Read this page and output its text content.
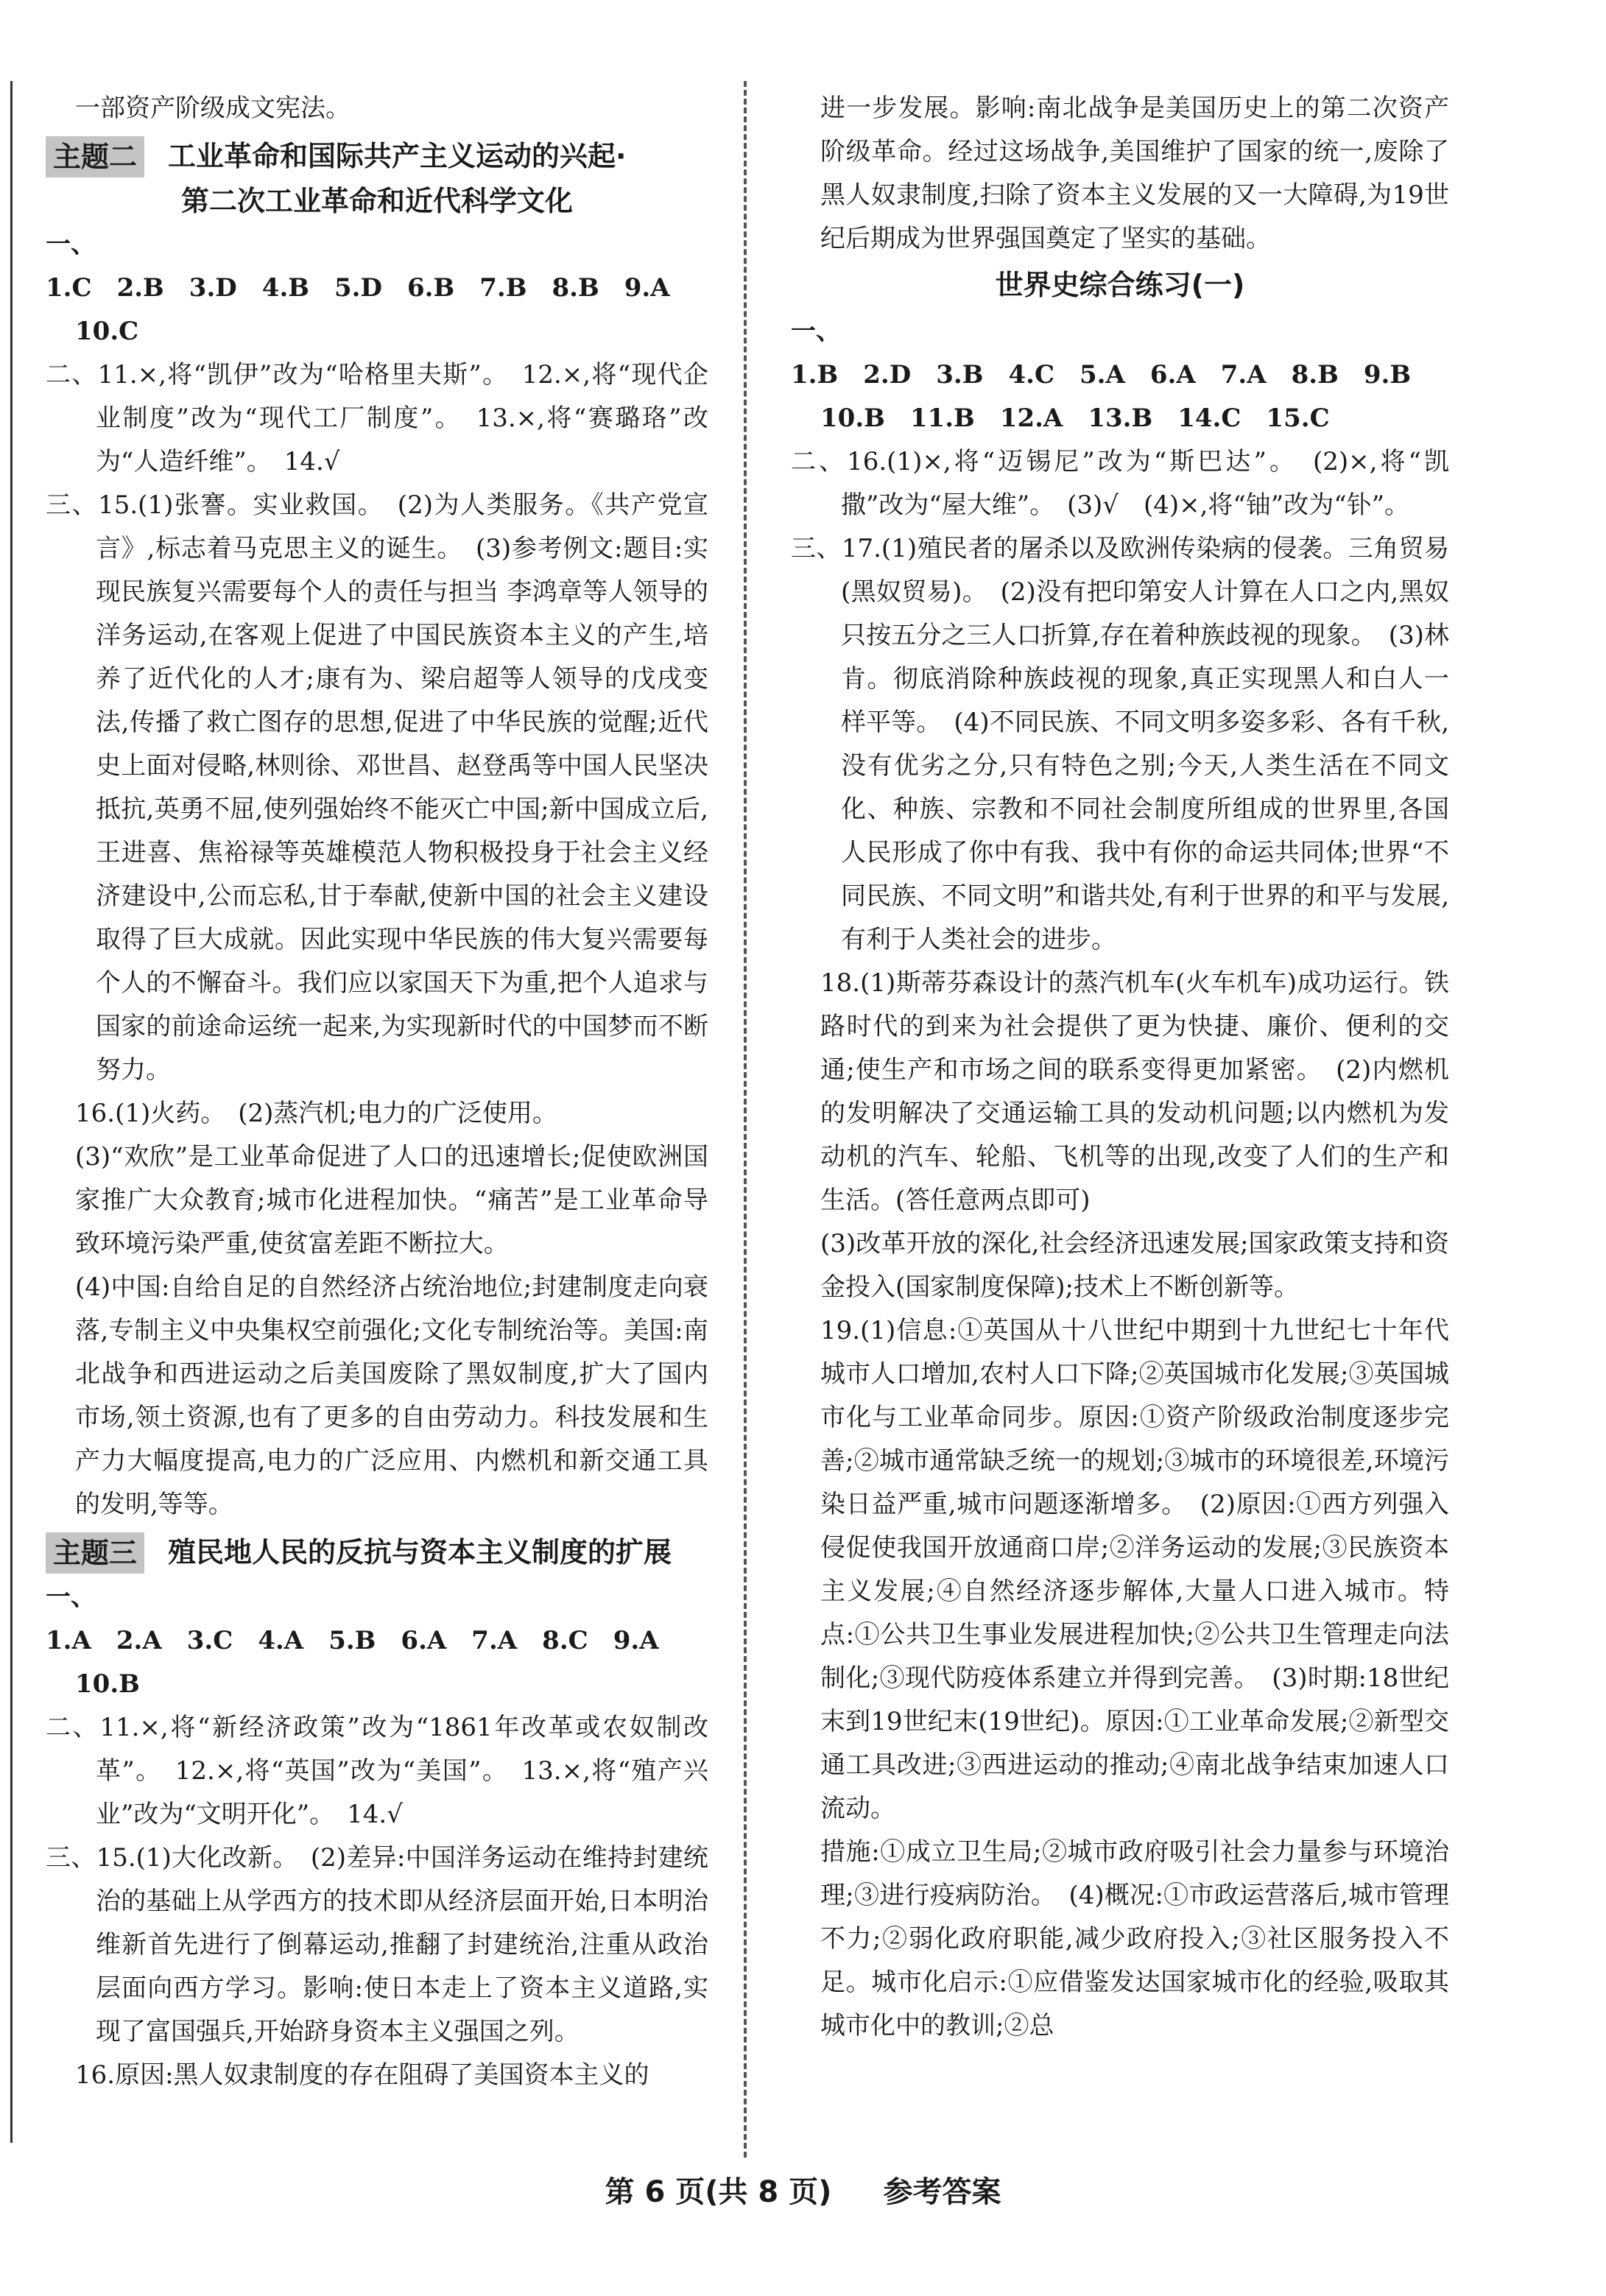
一部资产阶级成文宪法。

主题二 工业革命和国际共产主义运动的兴起·

第二次工业革命和近代科学文化

一、1.C 2.B 3.D 4.B 5.D 6.B 7.B 8.B 9.A

10.C

二、11.×,将“凯伊”改为“哈格里夫斯”。　12.×,将“现代企业制度”改为“现代工厂制度”。　13.×,将“赛璐珞”改为“人造纤维”。　14.√

三、15.(1)张謇。实业救国。　(2)为人类服务。《共产党宣言》,标志着马克思主义的诞生。　(3)参考例文:题目:实现民族复兴需要每个人的责任与担当 李鸿章等人领导的洋务运动,在客观上促进了中国民族资本主义的产生,培养了近代化的人才;康有为、梁启超等人领导的戊戌变法,传播了救亡图存的思想,促进了中华民族的觉醒;近代史上面对侵略,林则徐、邓世昌、赵登禹等中国人民坚决抵抗,英勇不屈,使列强始终不能灭亡中国;新中国成立后,王进喜、焦裕禄等英雄模范人物积极投身于社会主义经济建设中,公而忘私,甘于奉献,使新中国的社会主义建设取得了巨大成就。因此实现中华民族的伟大复兴需要每个人的不懈奋斗。我们应以家国天下为重,把个人追求与国家的前途命运统一起来,为实现新时代的中国梦而不断努力。

16.(1)火药。　(2)蒸汽机;电力的广泛使用。

(3)“欢欣”是工业革命促进了人口的迅速增长;促使欧洲国家推广大众教育;城市化进程加快。“痛苦”是工业革命导致环境污染严重,使贫富差距不断拉大。

(4)中国:自给自足的自然经济占统治地位;封建制度走向衰落,专制主义中央集权空前强化;文化专制统治等。美国:南北战争和西进运动之后美国废除了黑奴制度,扩大了国内市场,领土资源,也有了更多的自由劳动力。科技发展和生产力大幅度提高,电力的广泛应用、内燃机和新交通工具的发明,等等。

主题三 殖民地人民的反抗与资本主义制度的扩展

一、1.A 2.A 3.C 4.A 5.B 6.A 7.A 8.C 9.A

10.B

二、11.×,将“新经济政策”改为“1861年改革或农奴制改革”。　12.×,将“英国”改为“美国”。　13.×,将“殖产兴业”改为“文明开化”。　14.√

三、15.(1)大化改新。　(2)差异:中国洋务运动在维持封建统治的基础上从学西方的技术即从经济层面开始,日本明治维新首先进行了倒幕运动,推翻了封建统治,注重从政治层面向西方学习。影响:使日本走上了资本主义道路,实现了富国强兵,开始跻身资本主义强国之列。

16.原因:黑人奴隶制度的存在阻碍了美国资本主义的

进一步发展。影响:南北战争是美国历史上的第二次资产阶级革命。经过这场战争,美国维护了国家的统一,废除了黑人奴隶制度,扫除了资本主义发展的又一大障碍,为19世纪后期成为世界强国奠定了坚实的基础。

世界史综合练习(一)

一、1.B 2.D 3.B 4.C 5.A 6.A 7.A 8.B 9.B

10.B 11.B 12.A 13.B 14.C 15.C

二、16.(1)×,将“迈锡尼”改为“斯巴达”。　(2)×,将“凯撒”改为“屋大维”。　(3)√　(4)×,将“铀”改为“钋”。

三、17.(1)殖民者的屠杀以及欧洲传染病的侵袭。三角贸易(黑奴贸易)。　(2)没有把印第安人计算在人口之内,黑奴只按五分之三人口折算,存在着种族歧视的现象。　(3)林肯。彻底消除种族歧视的现象,真正实现黑人和白人一样平等。　(4)不同民族、不同文明多姿多彩、各有千秋,没有优劣之分,只有特色之别;今天,人类生活在不同文化、种族、宗教和不同社会制度所组成的世界里,各国人民形成了你中有我、我中有你的命运共同体;世界“不同民族、不同文明”和谐共处,有利于世界的和平与发展,有利于人类社会的进步。

18.(1)斯蒂芬森设计的蒸汽机车(火车机车)成功运行。铁路时代的到来为社会提供了更为快捷、廉价、便利的交通;使生产和市场之间的联系变得更加紧密。　(2)内燃机的发明解决了交通运输工具的发动机问题;以内燃机为发动机的汽车、轮船、飞机等的出现,改变了人们的生产和生活。(答任意两点即可)

(3)改革开放的深化,社会经济迅速发展;国家政策支持和资金投入(国家制度保障);技术上不断创新等。

19.(1)信息:①英国从十八世纪中期到十九世纪七十年代城市人口增加,农村人口下降;②英国城市化发展;③英国城市化与工业革命同步。原因:①资产阶级政治制度逐步完善;②城市通常缺乏统一的规划;③城市的环境很差,环境污染日益严重,城市问题逐渐增多。　(2)原因:①西方列强入侵促使我国开放通商口岸;②洋务运动的发展;③民族资本主义发展;④自然经济逐步解体,大量人口进入城市。特点:①公共卫生事业发展进程加快;②公共卫生管理走向法制化;③现代防疫体系建立并得到完善。　(3)时期:18世纪末到19世纪末(19世纪)。原因:①工业革命发展;②新型交通工具改进;③西进运动的推动;④南北战争结束加速人口流动。

措施:①成立卫生局;②城市政府吸引社会力量参与环境治理;③进行疫病防治。　(4)概况:①市政运营落后,城市管理不力;②弱化政府职能,减少政府投入;③社区服务投入不足。城市化启示:①应借鉴发达国家城市化的经验,吸取其城市化中的教训;②总

第 6 页(共 8 页) 参考答案
